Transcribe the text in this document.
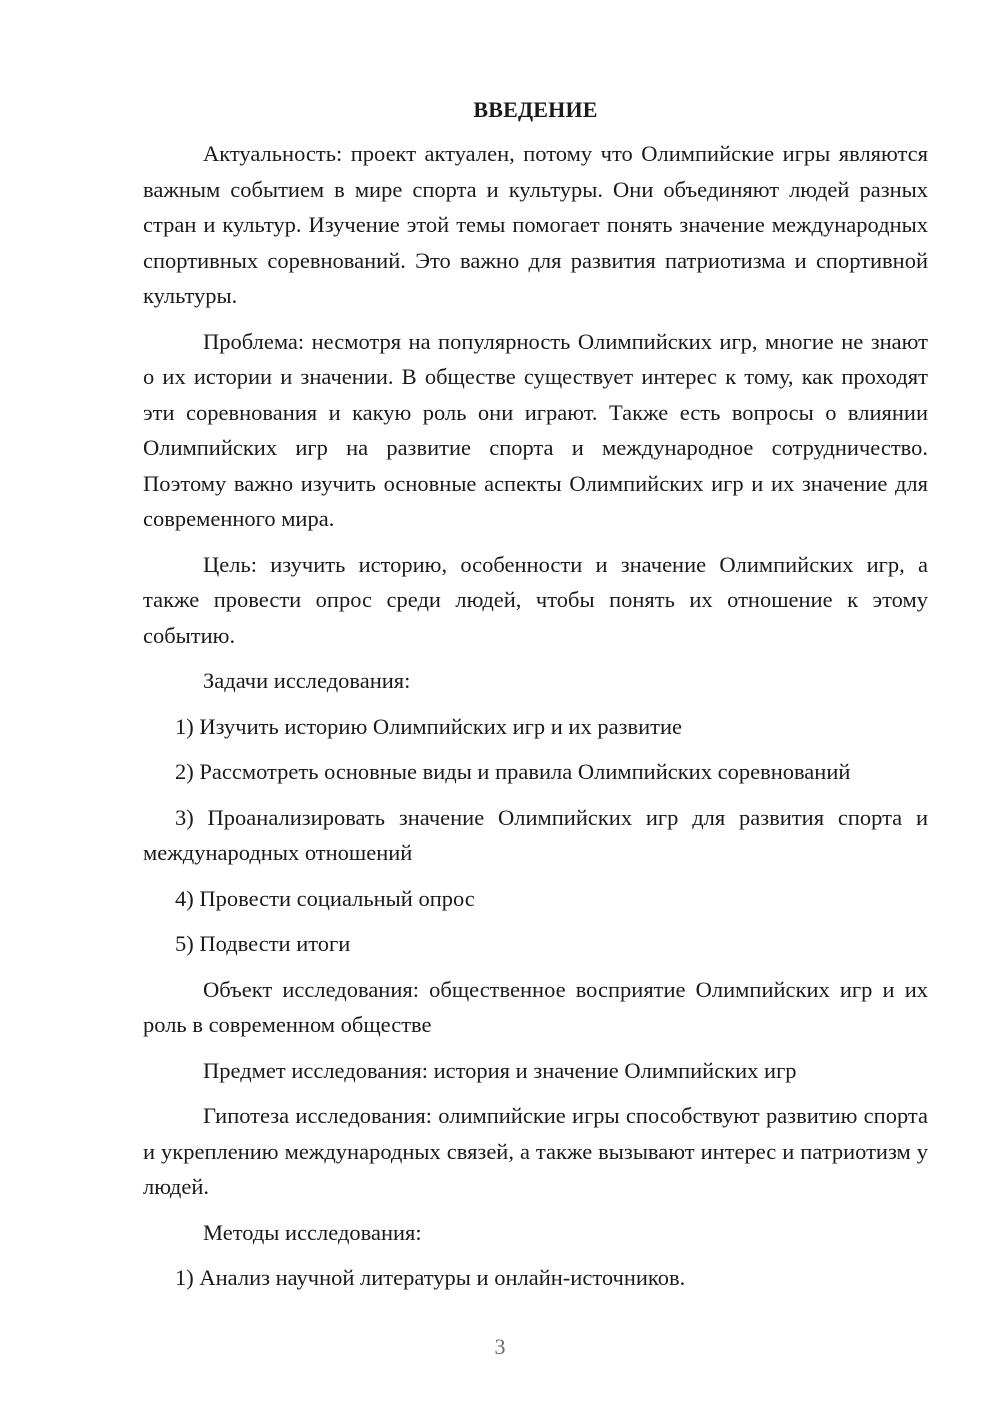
ВВЕДЕНИЕ

Актуальность: проект актуален, потому что Олимпийские игры являются важным событием в мире спорта и культуры. Они объединяют людей разных стран и культур. Изучение этой темы помогает понять значение международных спортивных соревнований. Это важно для развития патриотизма и спортивной культуры.

Проблема: несмотря на популярность Олимпийских игр, многие не знают о их истории и значении. В обществе существует интерес к тому, как проходят эти соревнования и какую роль они играют. Также есть вопросы о влиянии Олимпийских игр на развитие спорта и международное сотрудничество. Поэтому важно изучить основные аспекты Олимпийских игр и их значение для современного мира.

Цель: изучить историю, особенности и значение Олимпийских игр, а также провести опрос среди людей, чтобы понять их отношение к этому событию.

Задачи исследования:

1) Изучить историю Олимпийских игр и их развитие

2) Рассмотреть основные виды и правила Олимпийских соревнований

3) Проанализировать значение Олимпийских игр для развития спорта и международных отношений

4) Провести социальный опрос

5) Подвести итоги

Объект исследования: общественное восприятие Олимпийских игр и их роль в современном обществе

Предмет исследования: история и значение Олимпийских игр

Гипотеза исследования: олимпийские игры способствуют развитию спорта и укреплению международных связей, а также вызывают интерес и патриотизм у людей.

Методы исследования:

1) Анализ научной литературы и онлайн-источников.

3
